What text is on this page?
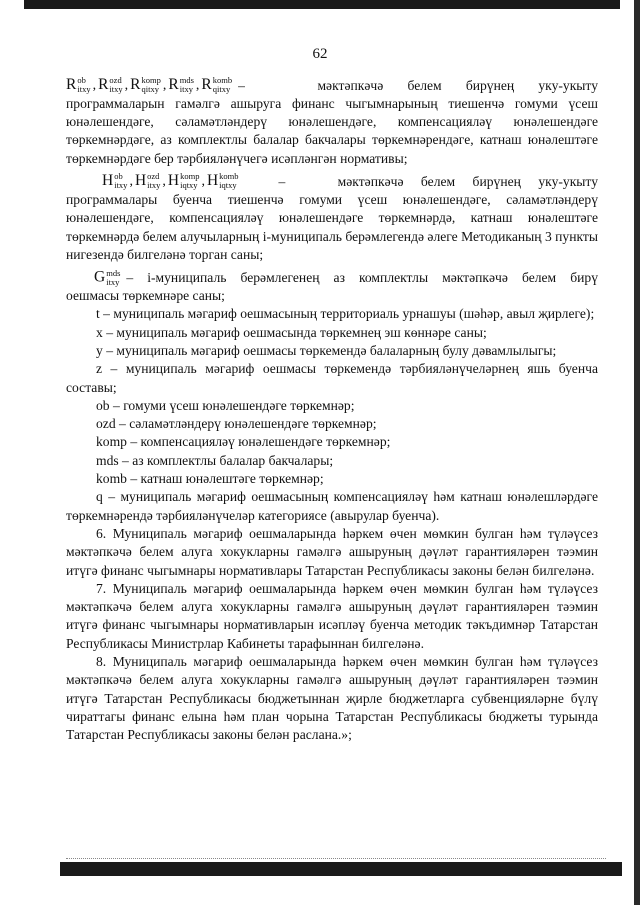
62
R ob
itxy , R ozd
itxy , R komp
qitxy , R mds
itxy , R komb
qitxy –	мәктәпкәчә белем бирүнең уку-укыту

программаларын гамәлгә ашыруга финанс чыгымнарының тиешенчә гомуми үсеш юнәлешендәге, сәламәтләндерү юнәлешендәге, компенсацияләү юнәлешендәге төркемнәрдәге, аз комплектлы балалар бакчалары төркемнәрендәге, катнаш юнәлештәге төркемнәрдәге бер тәрбияләнүчегә исәпләнгән нормативы;

H ob
itxy , H ozd
itxy , H komp
iqtxy , H komb
iqtxy	–	мәктәпкәчә белем бирүнең уку-укыту

программалары буенча тиешенчә гомуми үсеш юнәлешендәге, сәламәтләндерү юнәлешендәге, компенсацияләү юнәлешендәге төркемнәрдә, катнаш юнәлештәге төркемнәрдә белем алучыларның i-муниципаль берәмлегендә әлеге Методиканың 3 пункты нигезендә билгеләнә торган саны;

G mds
itxy – i-муниципаль берәмлегенең аз комплектлы мәктәпкәчә белем бирү

оешмасы төркемнәре саны;

t – муниципаль мәгариф оешмасының территориаль урнашуы (шәһәр, авыл җирлеге);

x – муниципаль мәгариф оешмасында төркемнең эш көннәре саны;

y – муниципаль мәгариф оешмасы төркемендә балаларның булу дәвамлылыгы;

z – муниципаль мәгариф оешмасы төркемендә тәрбияләнүчеләрнең яшь буенча составы;

ob – гомуми үсеш юнәлешендәге төркемнәр;

ozd – сәламәтләндерү юнәлешендәге төркемнәр;

komp – компенсацияләү юнәлешендәге төркемнәр;

mds – аз комплектлы балалар бакчалары;

komb – катнаш юнәлештәге төркемнәр;

q – муниципаль мәгариф оешмасының компенсацияләү һәм катнаш юнәлешләрдәге төркемнәрендә тәрбияләнүчеләр категориясе (авырулар буенча).

6. Муниципаль мәгариф оешмаларында һәркем өчен мөмкин булган һәм түләүсез мәктәпкәчә белем алуга хокукларны гамәлгә ашыруның дәүләт гарантияләрен тәэмин итүгә финанс чыгымнары нормативлары Татарстан Республикасы законы белән билгеләнә.

7. Муниципаль мәгариф оешмаларында һәркем өчен мөмкин булган һәм түләүсез мәктәпкәчә белем алуга хокукларны гамәлгә ашыруның дәүләт гарантияләрен тәэмин итүгә финанс чыгымнары нормативларын исәпләү буенча методик тәкъдимнәр Татарстан Республикасы Министрлар Кабинеты тарафыннан билгеләнә.

8. Муниципаль мәгариф оешмаларында һәркем өчен мөмкин булган һәм түләүсез мәктәпкәчә белем алуга хокукларны гамәлгә ашыруның дәүләт гарантияләрен тәэмин итүгә Татарстан Республикасы бюджетыннан җирле бюджетларга субвенцияләрне бүлү чираттагы финанс елына һәм план чорына Татарстан Республикасы бюджеты турында Татарстан Республикасы законы белән раслана.»;
